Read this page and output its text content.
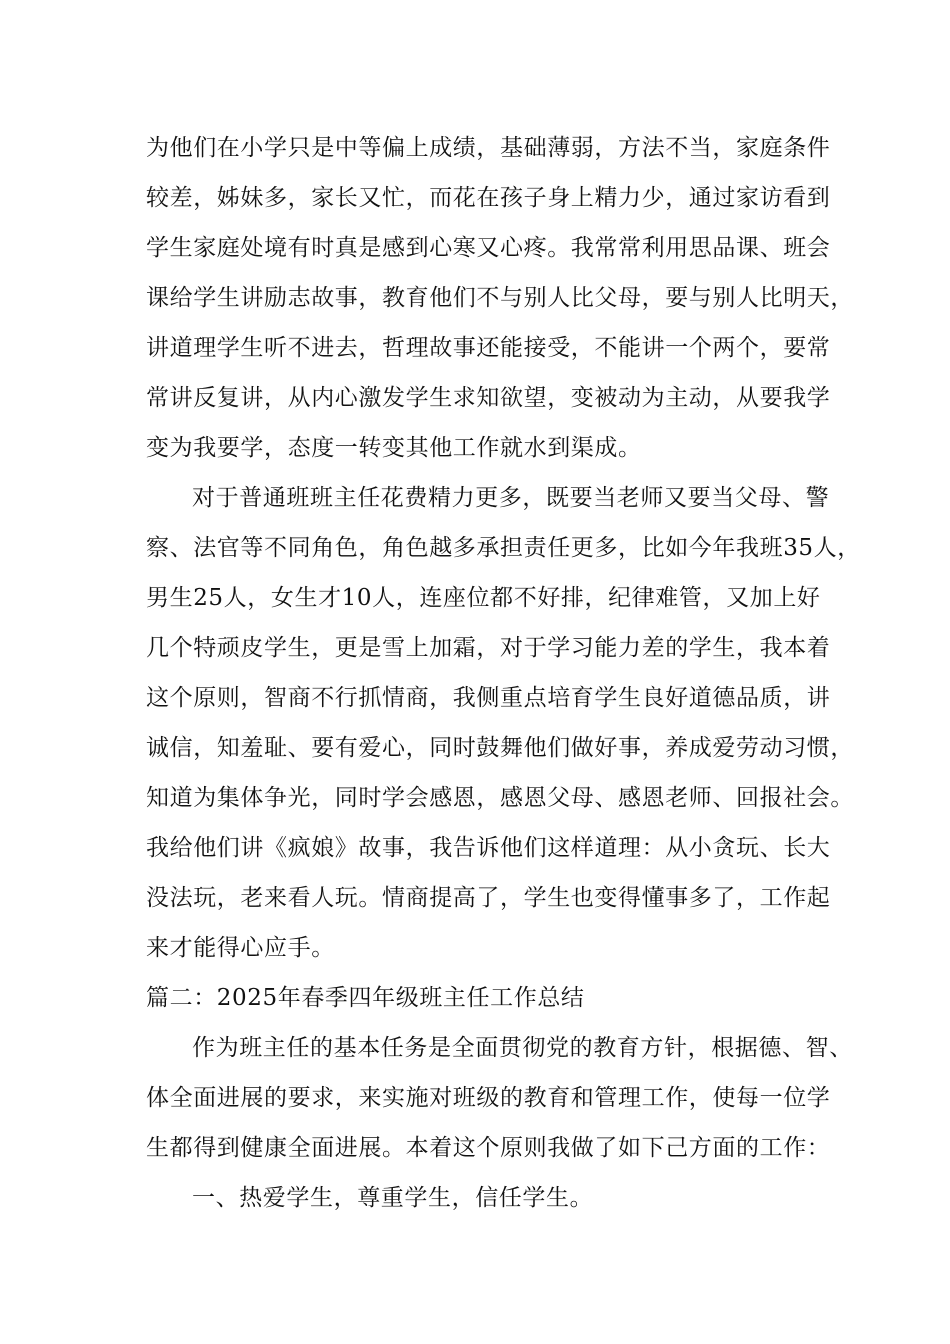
为他们在小学只是中等偏上成绩，基础薄弱，方法不当，家庭条件
较差，姊妹多，家长又忙，而花在孩子身上精力少，通过家访看到
学生家庭处境有时真是感到心寒又心疼。我常常利用思品课、班会
课给学生讲励志故事，教育他们不与别人比父母，要与别人比明天，
讲道理学生听不进去，哲理故事还能接受，不能讲一个两个，要常
常讲反复讲，从内心激发学生求知欲望，变被动为主动，从要我学
变为我要学，态度一转变其他工作就水到渠成。
对于普通班班主任花费精力更多，既要当老师又要当父母、警
察、法官等不同角色，角色越多承担责任更多，比如今年我班35人，
男生25人，女生才10人，连座位都不好排，纪律难管，又加上好
几个特顽皮学生，更是雪上加霜，对于学习能力差的学生，我本着
这个原则，智商不行抓情商，我侧重点培育学生良好道德品质，讲
诚信，知羞耻、要有爱心，同时鼓舞他们做好事，养成爱劳动习惯，
知道为集体争光，同时学会感恩，感恩父母、感恩老师、回报社会。
我给他们讲《疯娘》故事，我告诉他们这样道理：从小贪玩、长大
没法玩，老来看人玩。情商提高了，学生也变得懂事多了，工作起
来才能得心应手。
篇二：2025年春季四年级班主任工作总结
作为班主任的基本任务是全面贯彻党的教育方针，根据德、智、
体全面进展的要求，来实施对班级的教育和管理工作，使每一位学
生都得到健康全面进展。本着这个原则我做了如下己方面的工作：
一、热爱学生，尊重学生，信任学生。
